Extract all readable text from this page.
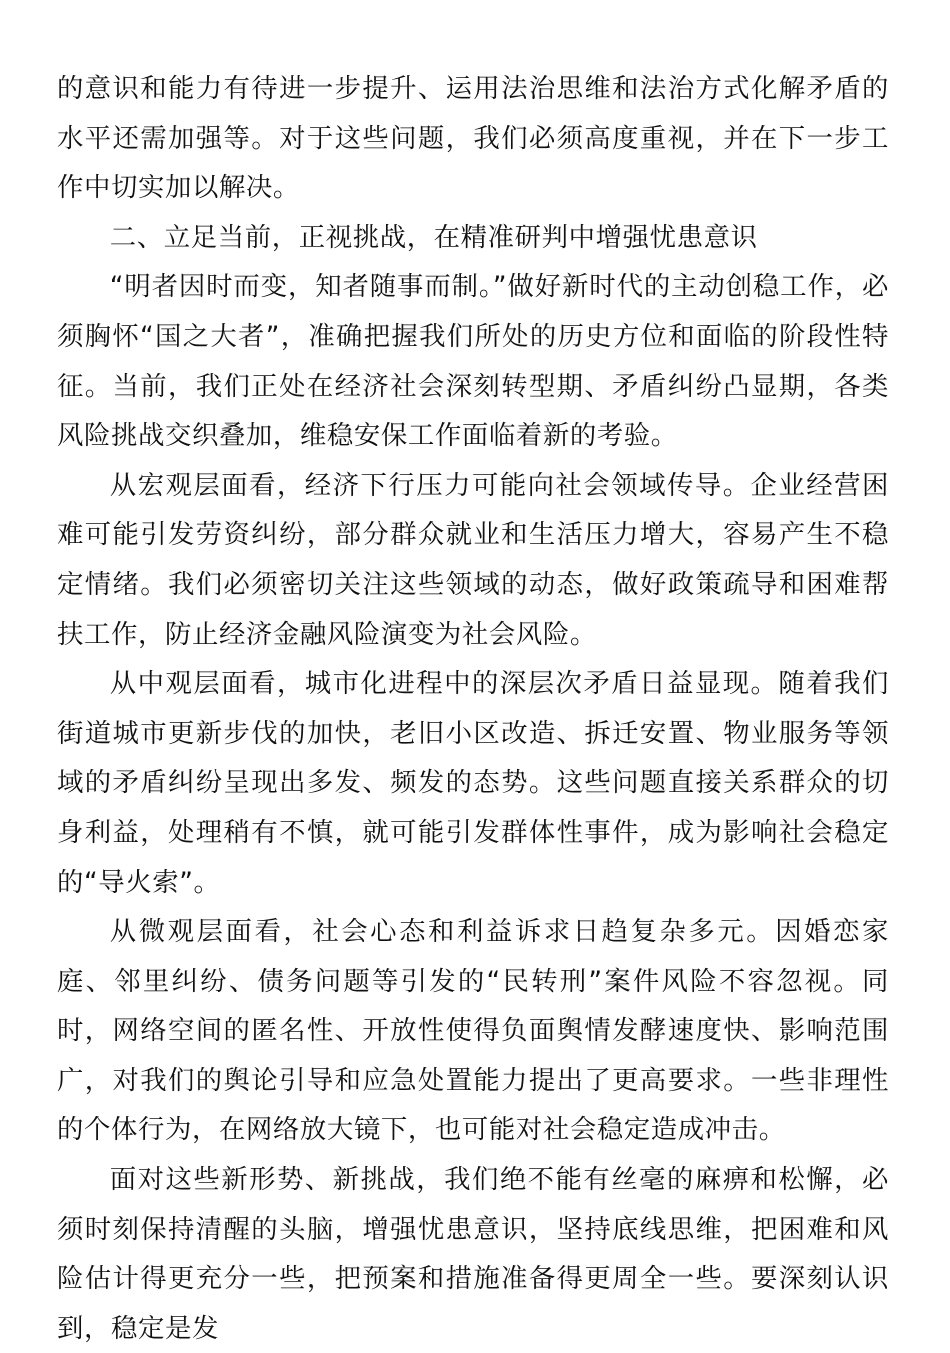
的意识和能力有待进一步提升、运用法治思维和法治方式化解矛盾的水平还需加强等。对于这些问题，我们必须高度重视，并在下一步工作中切实加以解决。

二、立足当前，正视挑战，在精准研判中增强忧患意识

“明者因时而变，知者随事而制。”做好新时代的主动创稳工作，必须胸怀“国之大者”，准确把握我们所处的历史方位和面临的阶段性特征。当前，我们正处在经济社会深刻转型期、矛盾纠纷凸显期，各类风险挑战交织叠加，维稳安保工作面临着新的考验。

从宏观层面看，经济下行压力可能向社会领域传导。企业经营困难可能引发劳资纠纷，部分群众就业和生活压力增大，容易产生不稳定情绪。我们必须密切关注这些领域的动态，做好政策疏导和困难帮扶工作，防止经济金融风险演变为社会风险。

从中观层面看，城市化进程中的深层次矛盾日益显现。随着我们街道城市更新步伐的加快，老旧小区改造、拆迁安置、物业服务等领域的矛盾纠纷呈现出多发、频发的态势。这些问题直接关系群众的切身利益，处理稍有不慎，就可能引发群体性事件，成为影响社会稳定的“导火索”。

从微观层面看，社会心态和利益诉求日趋复杂多元。因婚恋家庭、邻里纠纷、债务问题等引发的“民转刑”案件风险不容忽视。同时，网络空间的匿名性、开放性使得负面舆情发酵速度快、影响范围广，对我们的舆论引导和应急处置能力提出了更高要求。一些非理性的个体行为，在网络放大镜下，也可能对社会稳定造成冲击。

面对这些新形势、新挑战，我们绝不能有丝毫的麻痹和松懈，必须时刻保持清醒的头脑，增强忧患意识，坚持底线思维，把困难和风险估计得更充分一些，把预案和措施准备得更周全一些。要深刻认识到，稳定是发
